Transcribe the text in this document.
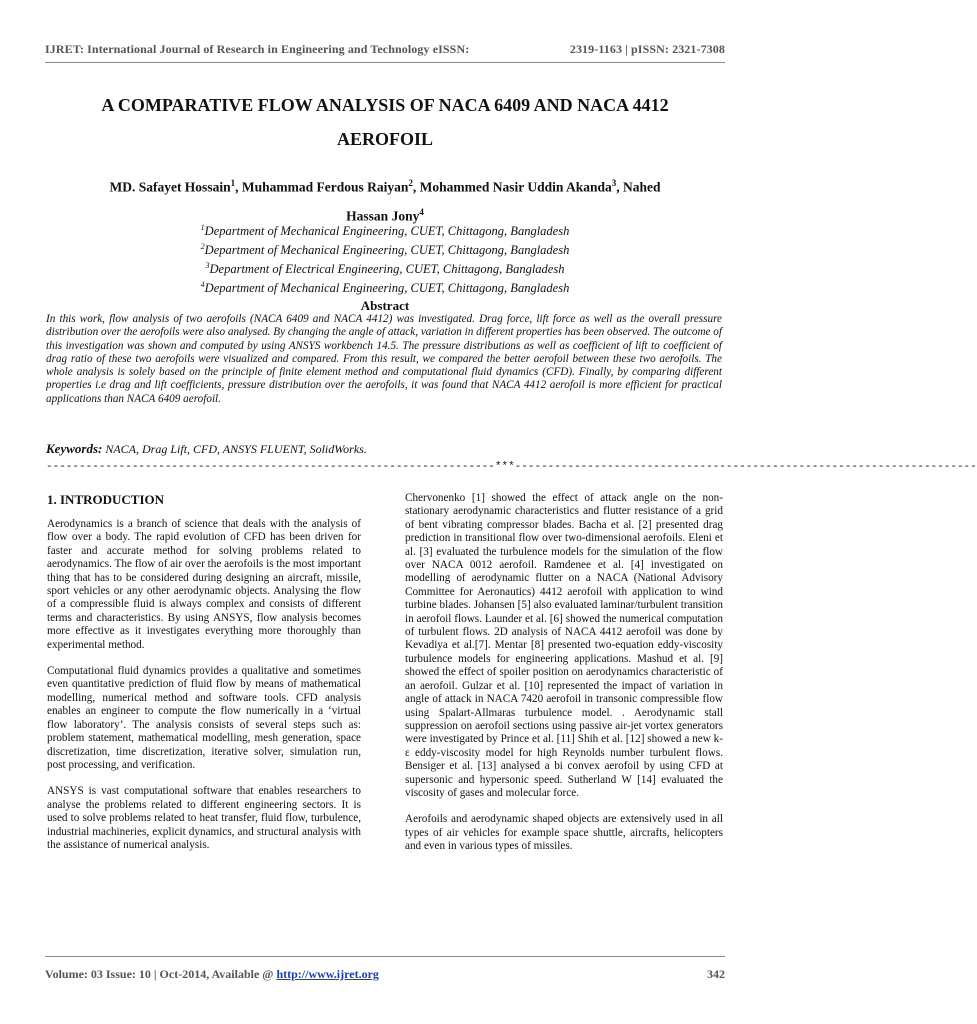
IJRET: International Journal of Research in Engineering and Technology eISSN:	2319-1163 | pISSN: 2321-7308
A COMPARATIVE FLOW ANALYSIS OF NACA 6409 AND NACA 4412
AEROFOIL
MD. Safayet Hossain$^1$, Muhammad Ferdous Raiyan$^2$, Mohammed Nasir Uddin Akanda$^3$, Nahed
Hassan Jony$^4$
$^1$Department of Mechanical Engineering, CUET, Chittagong, Bangladesh
$^2$Department of Mechanical Engineering, CUET, Chittagong, Bangladesh
$^3$Department of Electrical Engineering, CUET, Chittagong, Bangladesh
$^4$Department of Mechanical Engineering, CUET, Chittagong, Bangladesh
Abstract
In this work, flow analysis of two aerofoils (NACA 6409 and NACA 4412) was investigated. Drag force, lift force as well as the overall pressure distribution over the aerofoils were also analysed. By changing the angle of attack, variation in different properties has been observed. The outcome of this investigation was shown and computed by using ANSYS workbench 14.5. The pressure distributions as well as coefficient of lift to coefficient of drag ratio of these two aerofoils were visualized and compared. From this result, we compared the better aerofoil between these two aerofoils. The whole analysis is solely based on the principle of finite element method and computational fluid dynamics (CFD). Finally, by comparing different properties i.e drag and lift coefficients, pressure distribution over the aerofoils, it was found that NACA 4412 aerofoil is more efficient for practical applications than NACA 6409 aerofoil.
Keywords: NACA, Drag Lift, CFD, ANSYS FLUENT, SolidWorks.
--------------------------------------------------------------------***----------------------------------------------------------------------
1. INTRODUCTION

Aerodynamics is a branch of science that deals with the analysis of flow over a body. The rapid evolution of CFD has been driven for faster and accurate method for solving problems related to aerodynamics. The flow of air over the aerofoils is the most important thing that has to be considered during designing an aircraft, missile, sport vehicles or any other aerodynamic objects. Analysing the flow of a compressible fluid is always complex and consists of different terms and characteristics. By using ANSYS, flow analysis becomes more effective as it investigates everything more thoroughly than experimental method.

Computational fluid dynamics provides a qualitative and sometimes even quantitative prediction of fluid flow by means of mathematical modelling, numerical method and software tools. CFD analysis enables an engineer to compute the flow numerically in a ‘virtual flow laboratory’. The analysis consists of several steps such as: problem statement, mathematical modelling, mesh generation, space discretization, time discretization, iterative solver, simulation run, post processing, and verification.

ANSYS is vast computational software that enables researchers to analyse the problems related to different engineering sectors. It is used to solve problems related to heat transfer, fluid flow, turbulence, industrial machineries, explicit dynamics, and structural analysis with the assistance of numerical analysis.

Chervonenko [1] showed the effect of attack angle on the non-stationary aerodynamic characteristics and flutter resistance of a grid of bent vibrating compressor blades. Bacha et al. [2] presented drag prediction in transitional flow over two-dimensional aerofoils. Eleni et al. [3] evaluated the turbulence models for the simulation of the flow over NACA 0012 aerofoil. Ramdenee et al. [4] investigated on modelling of aerodynamic flutter on a NACA (National Advisory Committee for Aeronautics) 4412 aerofoil with application to wind turbine blades. Johansen [5] also evaluated laminar/turbulent transition in aerofoil flows. Launder et al. [6] showed the numerical computation of turbulent flows. 2D analysis of NACA 4412 aerofoil was done by Kevadiya et al.[7]. Mentar [8] presented two-equation eddy-viscosity turbulence models for engineering applications. Mashud et al. [9] showed the effect of spoiler position on aerodynamics characteristic of an aerofoil. Gulzar et al. [10] represented the impact of variation in angle of attack in NACA 7420 aerofoil in transonic compressible flow using Spalart-Allmaras turbulence model. . Aerodynamic stall suppression on aerofoil sections using passive air-jet vortex generators were investigated by Prince et al. [11] Shih et al. [12] showed a new k- ε eddy-viscosity model for high Reynolds number turbulent flows. Bensiger et al. [13] analysed a bi convex aerofoil by using CFD at supersonic and hypersonic speed. Sutherland W [14] evaluated the viscosity of gases and molecular force.

Aerofoils and aerodynamic shaped objects are extensively used in all types of air vehicles for example space shuttle, aircrafts, helicopters and even in various types of missiles.

Volume: 03 Issue: 10 | Oct-2014, Available @ http://www.ijret.org	342
